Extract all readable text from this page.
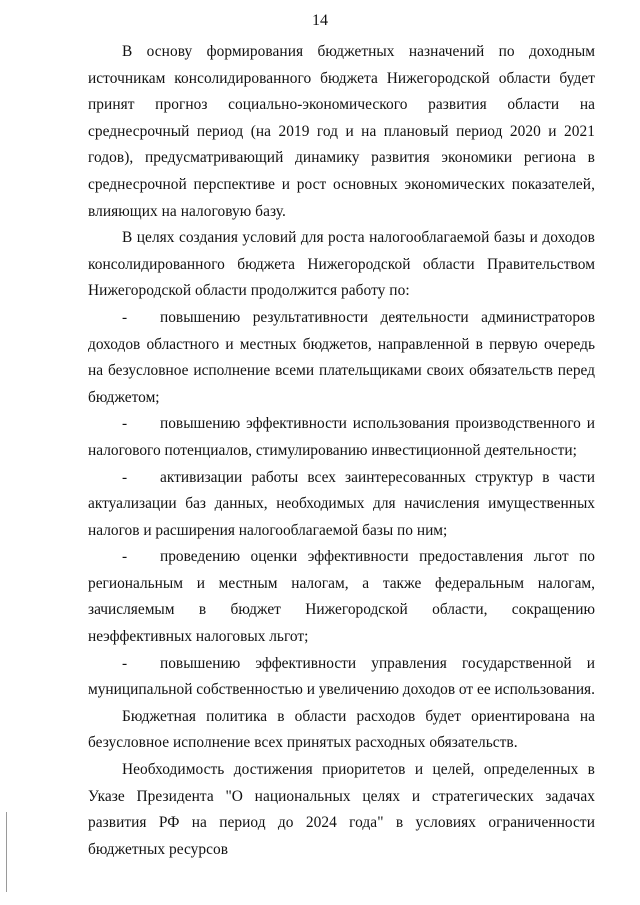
14

В основу формирования бюджетных назначений по доходным источникам консолидированного бюджета Нижегородской области будет принят прогноз социально-экономического развития области на среднесрочный период (на 2019 год и на плановый период 2020 и 2021 годов), предусматривающий динамику развития экономики региона в среднесрочной перспективе и рост основных экономических показателей, влияющих на налоговую базу.

В целях создания условий для роста налогооблагаемой базы и доходов консолидированного бюджета Нижегородской области Правительством Нижегородской области продолжится работу по:

- повышению результативности деятельности администраторов доходов областного и местных бюджетов, направленной в первую очередь на безусловное исполнение всеми плательщиками своих обязательств перед бюджетом;

- повышению эффективности использования производственного и налогового потенциалов, стимулированию инвестиционной деятельности;

- активизации работы всех заинтересованных структур в части актуализации баз данных, необходимых для начисления имущественных налогов и расширения налогооблагаемой базы по ним;

- проведению оценки эффективности предоставления льгот по региональным и местным налогам, а также федеральным налогам, зачисляемым в бюджет Нижегородской области, сокращению неэффективных налоговых льгот;

- повышению эффективности управления государственной и муниципальной собственностью и увеличению доходов от ее использования.

Бюджетная политика в области расходов будет ориентирована на безусловное исполнение всех принятых расходных обязательств.

Необходимость достижения приоритетов и целей, определенных в Указе Президента "О национальных целях и стратегических задачах развития РФ на период до 2024 года" в условиях ограниченности бюджетных ресурсов
